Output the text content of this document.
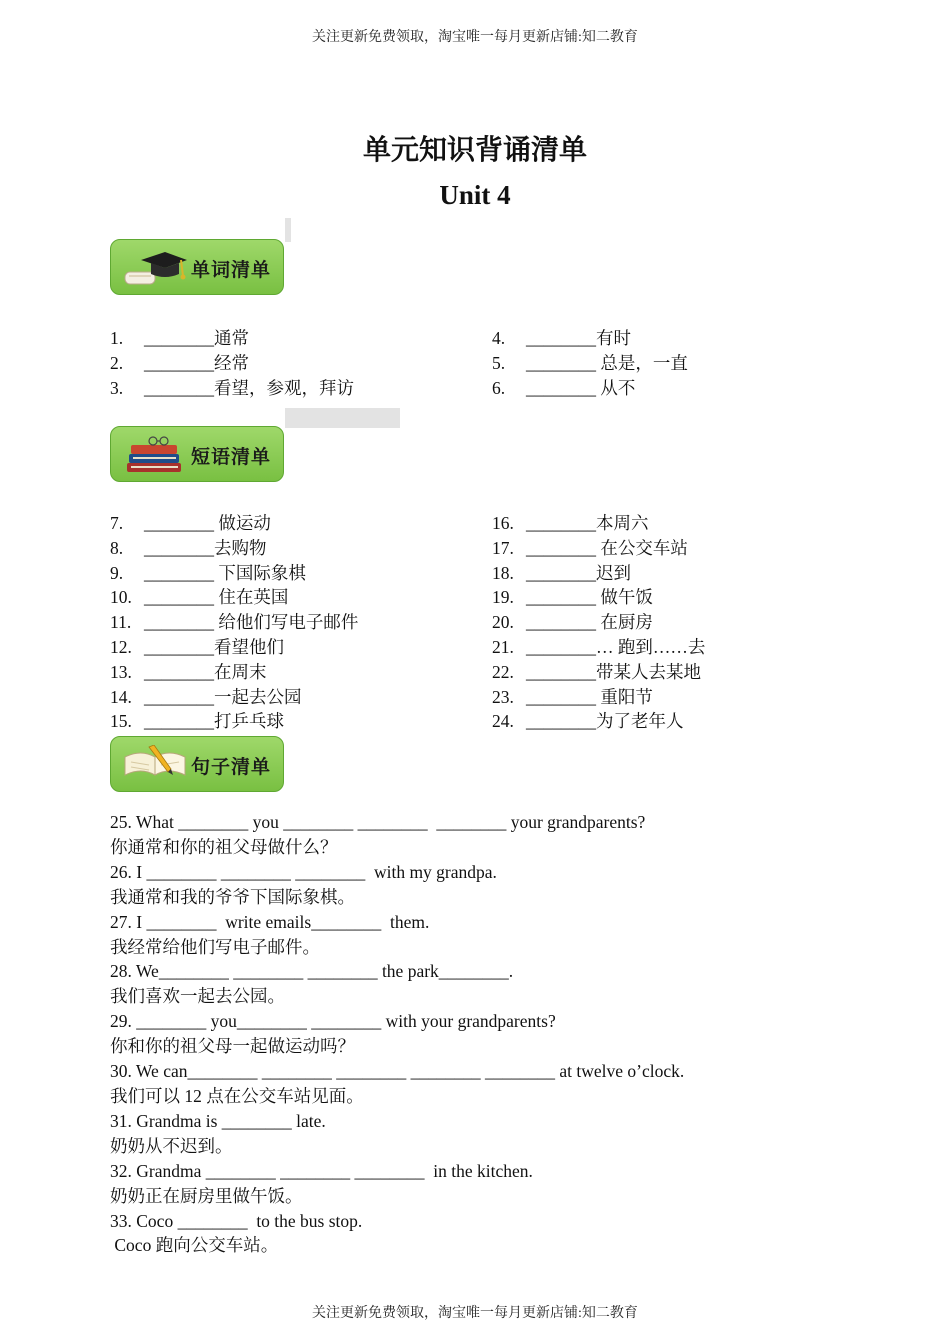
关注更新免费领取，淘宝唯一每月更新店铺:知二教育
单元知识背诵清单
Unit 4
单词清单
1.	________通常
2.	________经常
3.	________看望，参观，拜访
4.	________有时
5.	________ 总是，一直
6.	________ 从不
短语清单
7.	________ 做运动
8.	________去购物
9.	________ 下国际象棋
10. ________ 住在英国
11. ________ 给他们写电子邮件
12. ________看望他们
13. ________在周末
14. ________一起去公园
15. ________打乒乓球
16. ________本周六
17. ________ 在公交车站
18. ________迟到
19. ________ 做午饭
20. ________ 在厨房
21. ________… 跑到……去
22. ________带某人去某地
23. ________ 重阳节
24. ________为了老年人
句子清单
25. What ________ you ________ ________  ________ your grandparents?
你通常和你的祖父母做什么？
26. I ________ ________ ________  with my grandpa.
我通常和我的爷爷下国际象棋。
27. I ________  write emails________  them.
我经常给他们写电子邮件。
28. We________ ________ ________ the park________.
我们喜欢一起去公园。
29. ________ you________ ________ with your grandparents?
你和你的祖父母一起做运动吗？
30. We can________ ________ ________ ________ ________ at twelve o’clock.
我们可以 12 点在公交车站见面。
31. Grandma is ________ late.
奶奶从不迟到。
32. Grandma ________ ________ ________  in the kitchen.
奶奶正在厨房里做午饭。
33. Coco ________  to the bus stop.
Coco 跑向公交车站。
关注更新免费领取，淘宝唯一每月更新店铺:知二教育
